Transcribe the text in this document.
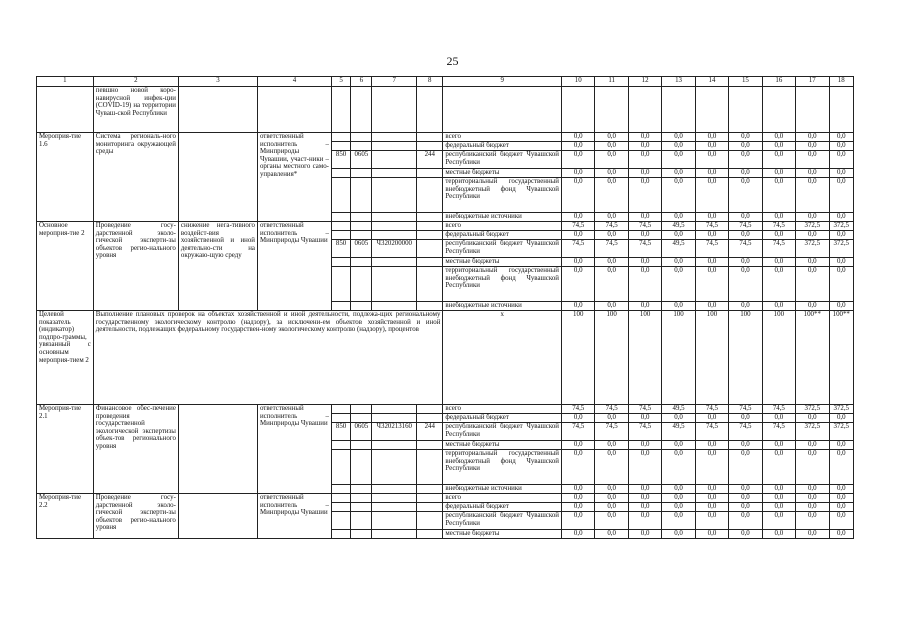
25
1	2	3	4	5	6	7	8	9	10	11	12	13	14	15	16	17	18
	певшно новой коро-навирусной инфек-ции (COVID-19) на территории Чуваш-ской Республики																
Мероприя-тие 1.6	Система региональ-ного мониторинга окружающей среды		ответственный исполнитель – Минприроды Чувашии, участ-ники – органы местного само-управления*					всего	0,0	0,0	0,0	0,0	0,0	0,0	0,0	0,0	0,0
								федеральный бюджет	0,0	0,0	0,0	0,0	0,0	0,0	0,0	0,0	0,0
				850	0605		244	республиканский бюджет Чувашской Республики	0,0	0,0	0,0	0,0	0,0	0,0	0,0	0,0	0,0
								местные бюджеты	0,0	0,0	0,0	0,0	0,0	0,0	0,0	0,0	0,0
								территориальный государственный внебюджетный фонд Чувашской Республики	0,0	0,0	0,0	0,0	0,0	0,0	0,0	0,0	0,0
								внебюджетные источники	0,0	0,0	0,0	0,0	0,0	0,0	0,0	0,0	0,0
Основное мероприя-тие 2	Проведение госу-дарственной эколо-гической эксперти-зы объектов регио-нального уровня	снижение нега-тивного воздейст-вия хозяйственной и иной деятельно-сти на окружаю-щую среду	ответственный исполнитель – Минприроды Чувашии					всего	74,5	74,5	74,5	49,5	74,5	74,5	74,5	372,5	372,5
								федеральный бюджет	0,0	0,0	0,0	0,0	0,0	0,0	0,0	0,0	0,0
				850	0605	Ч320200000		республиканский бюджет Чувашской Республики	74,5	74,5	74,5	49,5	74,5	74,5	74,5	372,5	372,5
								местные бюджеты	0,0	0,0	0,0	0,0	0,0	0,0	0,0	0,0	0,0
								территориальный государственный внебюджетный фонд Чувашской Республики	0,0	0,0	0,0	0,0	0,0	0,0	0,0	0,0	0,0
								внебюджетные источники	0,0	0,0	0,0	0,0	0,0	0,0	0,0	0,0	0,0
Целевой показатель (индикатор) подпро-граммы, увязанный с основным мероприя-тием 2	Выполнение плановых проверок на объектах хозяйственной и иной деятельности, подлежа-щих региональному государственному экологическому контролю (надзору), за исключени-ем объектов хозяйственной и иной деятельности, подлежащих федеральному государствен-ному экологическому контролю (надзору), процентов							х	100	100	100	100	100	100	100	100**	100**
Мероприя-тие 2.1	Финансовое обес-печение проведения государственной экологической экспертизы объек-тов регионального уровня		ответственный исполнитель – Минприроды Чувашии					всего	74,5	74,5	74,5	49,5	74,5	74,5	74,5	372,5	372,5
								федеральный бюджет	0,0	0,0	0,0	0,0	0,0	0,0	0,0	0,0	0,0
				850	0605	Ч320213160	244	республиканский бюджет Чувашской Республики	74,5	74,5	74,5	49,5	74,5	74,5	74,5	372,5	372,5
								местные бюджеты	0,0	0,0	0,0	0,0	0,0	0,0	0,0	0,0	0,0
								территориальный государственный внебюджетный фонд Чувашской Республики	0,0	0,0	0,0	0,0	0,0	0,0	0,0	0,0	0,0
								внебюджетные источники	0,0	0,0	0,0	0,0	0,0	0,0	0,0	0,0	0,0
Мероприя-тие 2.2	Проведение госу-дарственной эколо-гической эксперти-зы объектов регио-нального уровня		ответственный исполнитель – Минприроды Чувашии					всего	0,0	0,0	0,0	0,0	0,0	0,0	0,0	0,0	0,0
								федеральный бюджет	0,0	0,0	0,0	0,0	0,0	0,0	0,0	0,0	0,0
								республиканский бюджет Чувашской Республики	0,0	0,0	0,0	0,0	0,0	0,0	0,0	0,0	0,0
								местные бюджеты	0,0	0,0	0,0	0,0	0,0	0,0	0,0	0,0	0,0
